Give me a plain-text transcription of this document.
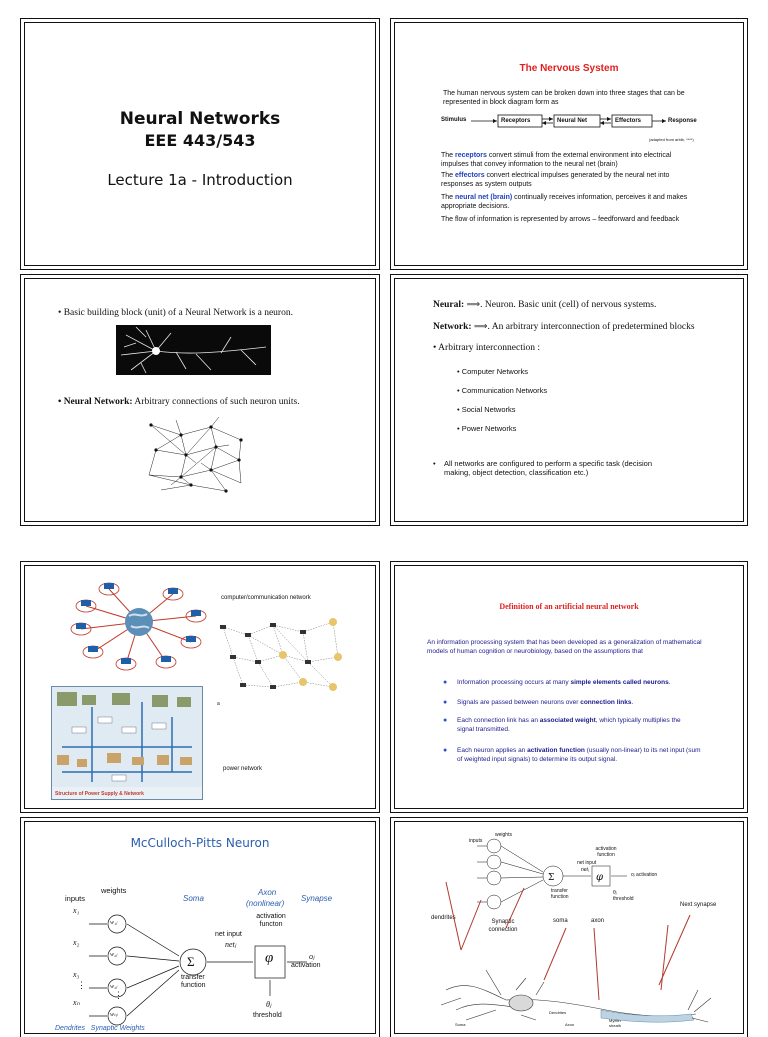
Neural Networks
EEE 443/543
Lecture 1a - Introduction
The Nervous System
The human nervous system can be broken down into three stages that can be represented in block diagram form as
Stimulus	Receptors	Neural Net	Effectors	Response
(adapted from arbib, ****)
The receptors convert stimuli from the external environment into electrical impulses that convey information to the neural net (brain)
The effectors convert electrical impulses generated by the neural net into responses as system outputs
The neural net (brain) continually receives information, perceives it and makes appropriate decisions.
The flow of information is represented by arrows – feedforward and feedback
• Basic building block (unit) of a Neural Network is a neuron.
• Neural Network: Arbitrary connections of such neuron units.
Neural: ⟹. Neuron. Basic unit (cell) of nervous systems.
Network: ⟹. An arbitrary interconnection of predetermined blocks
• Arbitrary interconnection :
• Computer Networks
• Communication Networks
• Social Networks
• Power Networks
• All networks are configured to perform a specific task (decision making, object detection, classification etc.)
computer/communication network
a
Structure of Power Supply & Network
power network
Definition of an artificial neural network
An information processing system that has been developed as a generalization of mathematical models of human cognition or neurobiology, based on the assumptions that
Information processing occurs at many simple elements called neurons.
Signals are passed between neurons over connection links.
Each connection link has an associated weight, which typically multiplies the signal transmitted.
Each neuron applies an activation function (usually non-linear) to its net input (sum of weighted input signals) to determine its output signal.
McCulloch-Pitts Neuron
inputs
weights
Soma
Axon
(nonlinear)
Synapse
activation functon
net input
netⱼ
Σ	φ	oⱼ
activation
transfer
function
θⱼ
threshold
x₁
x₂
x₃
xₙ
w₁ⱼ
w₂ⱼ
w₃ⱼ
wₙⱼ
⋮
⋮
Dendrites   Synaptic Weights
Σ	φ
inputs
weights
activation function
net input
netⱼ
transfer function
θⱼ threshold
oⱼ activation
dendrites
Synaptic connection
soma	axon
Next synapse
Dendrites
Soma	Axon
Myelin sheath
